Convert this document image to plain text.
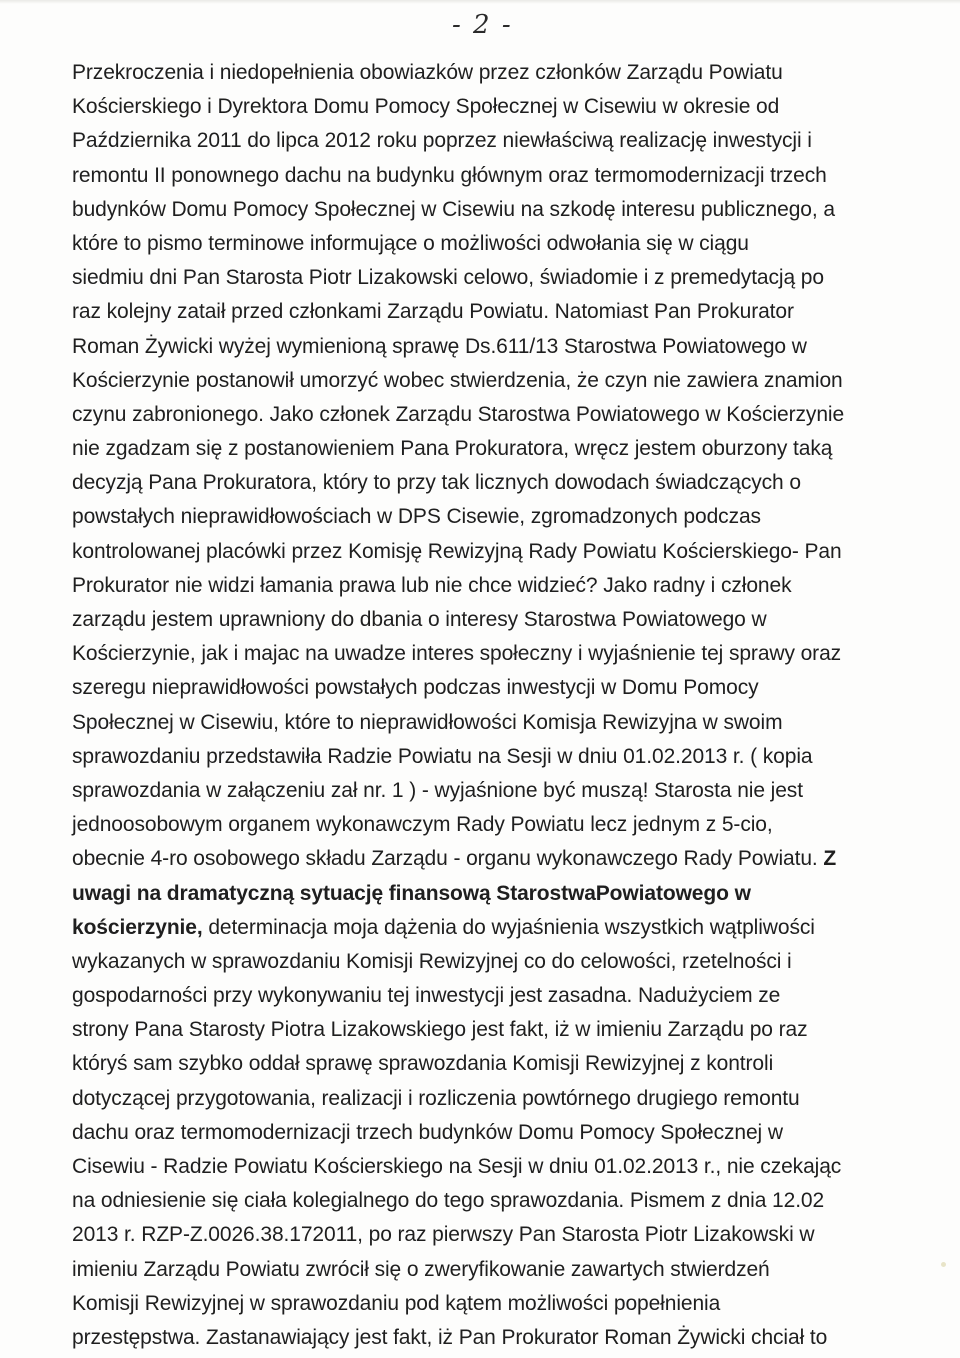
- 2 -
Przekroczenia i niedopełnienia obowiazków przez członków Zarządu Powiatu
Kościerskiego i Dyrektora Domu Pomocy Społecznej w Cisewiu w okresie od
Października 2011 do lipca 2012 roku poprzez niewłaściwą realizację inwestycji i
remontu II ponownego dachu na budynku głównym oraz termomodernizacji trzech
budynków Domu Pomocy Społecznej w Cisewiu na szkodę interesu publicznego, a
które to pismo terminowe informujące o możliwości odwołania się w ciągu
siedmiu dni Pan Starosta Piotr Lizakowski celowo, świadomie i z premedytacją po
raz kolejny zataił przed członkami Zarządu Powiatu. Natomiast Pan Prokurator
Roman Żywicki wyżej wymienioną sprawę Ds.611/13 Starostwa Powiatowego w
Kościerzynie postanowił umorzyć wobec stwierdzenia, że czyn nie zawiera znamion
czynu zabronionego. Jako członek Zarządu Starostwa Powiatowego w Kościerzynie
nie zgadzam się z postanowieniem Pana Prokuratora, wręcz jestem oburzony taką
decyzją Pana Prokuratora, który to przy tak licznych dowodach świadczących o
powstałych nieprawidłowościach w DPS Cisewie, zgromadzonych podczas
kontrolowanej placówki przez Komisję Rewizyjną Rady Powiatu Kościerskiego- Pan
Prokurator nie widzi łamania prawa lub nie chce widzieć? Jako radny i członek
zarządu jestem uprawniony do dbania o interesy Starostwa Powiatowego w
Kościerzynie, jak i majac na uwadze interes społeczny i wyjaśnienie tej sprawy oraz
szeregu nieprawidłowości powstałych podczas inwestycji w Domu Pomocy
Społecznej w Cisewiu, które to nieprawidłowości Komisja Rewizyjna w swoim
sprawozdaniu przedstawiła Radzie Powiatu na Sesji w dniu 01.02.2013 r. ( kopia
sprawozdania w załączeniu zał nr. 1 ) - wyjaśnione być muszą! Starosta nie jest
jednoosobowym organem wykonawczym Rady Powiatu lecz jednym z 5-cio,
obecnie 4-ro osobowego składu Zarządu - organu wykonawczego Rady Powiatu. Z
uwagi na dramatyczną sytuację finansową StarostwaPowiatowego w
kościerzynie, determinacja moja dążenia do wyjaśnienia wszystkich wątpliwości
wykazanych w sprawozdaniu Komisji Rewizyjnej co do celowości, rzetelności i
gospodarności przy wykonywaniu tej inwestycji jest zasadna. Nadużyciem ze
strony Pana Starosty Piotra Lizakowskiego jest fakt, iż w imieniu Zarządu po raz
któryś sam szybko oddał sprawę sprawozdania Komisji Rewizyjnej z kontroli
dotyczącej przygotowania, realizacji i rozliczenia powtórnego drugiego remontu
dachu oraz termomodernizacji trzech budynków Domu Pomocy Społecznej w
Cisewiu - Radzie Powiatu Kościerskiego na Sesji w dniu 01.02.2013 r., nie czekając
na odniesienie się ciała kolegialnego do tego sprawozdania. Pismem z dnia 12.02
2013 r. RZP-Z.0026.38.172011, po raz pierwszy Pan Starosta Piotr Lizakowski w
imieniu Zarządu Powiatu zwrócił się o zweryfikowanie zawartych stwierdzeń
Komisji Rewizyjnej w sprawozdaniu pod kątem możliwości popełnienia
przestępstwa. Zastanawiający jest fakt, iż Pan Prokurator Roman Żywicki chciał to
